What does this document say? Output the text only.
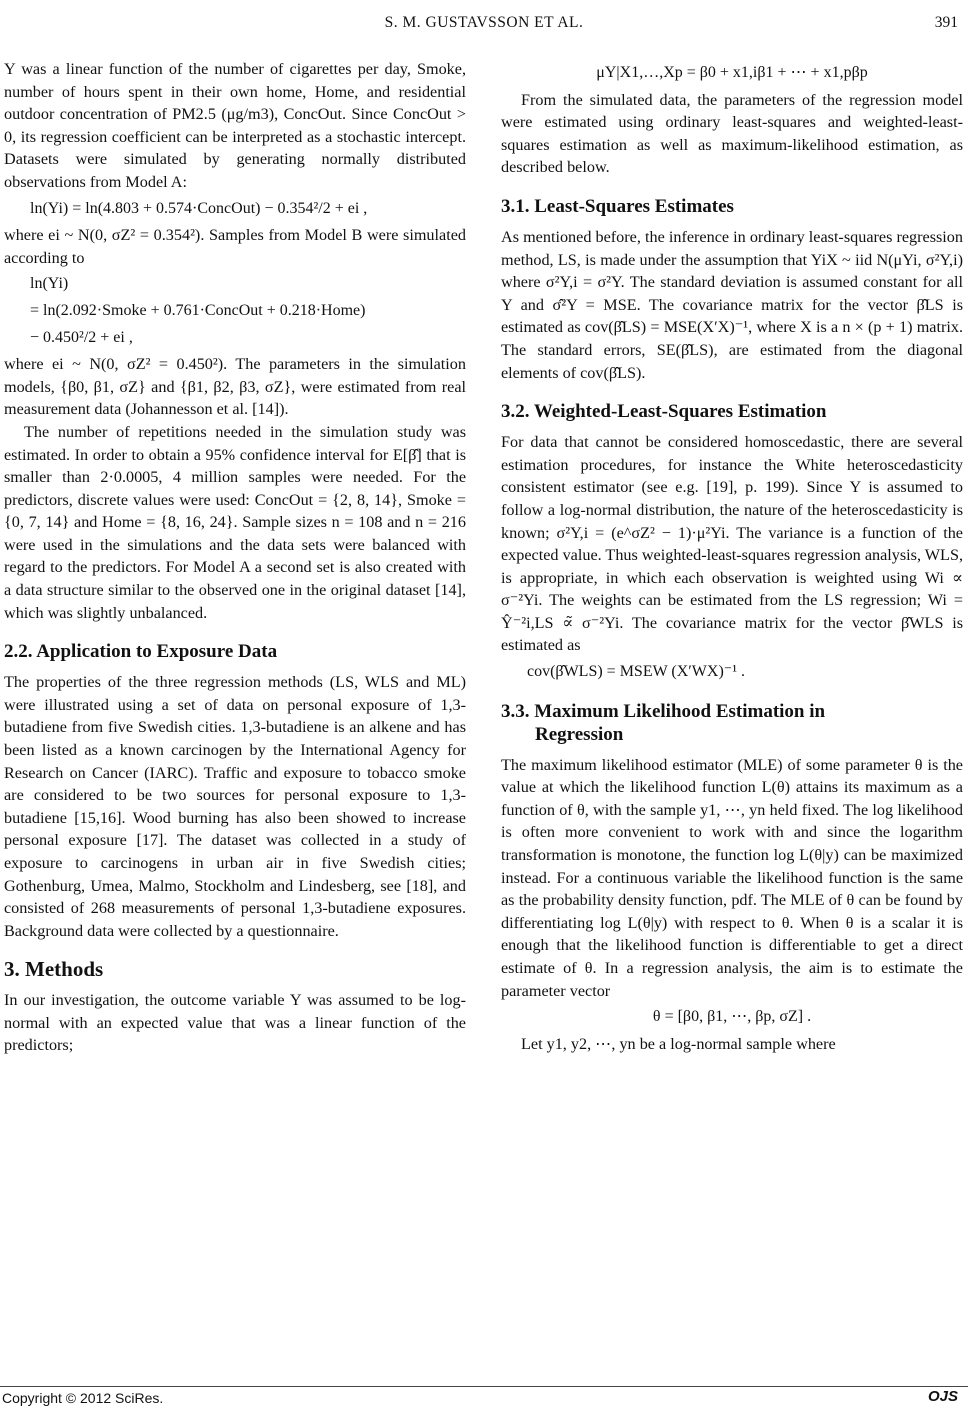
S. M. GUSTAVSSON ET AL.	391

Y was a linear function of the number of cigarettes per day, Smoke, number of hours spent in their own home, Home, and residential outdoor concentration of PM2.5 (μg/m3), ConcOut. Since ConcOut > 0, its regression coefficient can be interpreted as a stochastic intercept. Datasets were simulated by generating normally distributed observations from Model A:

ln(Yi) = ln(4.803 + 0.574·ConcOut) − 0.354²/2 + ei ,

where ei ~ N(0, σZ² = 0.354²). Samples from Model B were simulated according to

ln(Yi)
= ln(2.092·Smoke + 0.761·ConcOut + 0.218·Home)
− 0.450²/2 + ei ,

where ei ~ N(0, σZ² = 0.450²). The parameters in the simulation models, {β0, β1, σZ} and {β1, β2, β3, σZ}, were estimated from real measurement data (Johannesson et al. [14]).

The number of repetitions needed in the simulation study was estimated. In order to obtain a 95% confidence interval for E[β̂] that is smaller than 2·0.0005, 4 million samples were needed. For the predictors, discrete values were used: ConcOut = {2, 8, 14}, Smoke = {0, 7, 14} and Home = {8, 16, 24}. Sample sizes n = 108 and n = 216 were used in the simulations and the data sets were balanced with regard to the predictors. For Model A a second set is also created with a data structure similar to the observed one in the original dataset [14], which was slightly unbalanced.

2.2. Application to Exposure Data

The properties of the three regression methods (LS, WLS and ML) were illustrated using a set of data on personal exposure of 1,3-butadiene from five Swedish cities. 1,3-butadiene is an alkene and has been listed as a known carcinogen by the International Agency for Research on Cancer (IARC). Traffic and exposure to tobacco smoke are considered to be two sources for personal exposure to 1,3-butadiene [15,16]. Wood burning has also been showed to increase personal exposure [17]. The dataset was collected in a study of exposure to carcinogens in urban air in five Swedish cities; Gothenburg, Umea, Malmo, Stockholm and Lindesberg, see [18], and consisted of 268 measurements of personal 1,3-butadiene exposures. Background data were collected by a questionnaire.

3. Methods

In our investigation, the outcome variable Y was assumed to be log-normal with an expected value that was a linear function of the predictors;

μY|X1,…,Xp = β0 + x1,iβ1 + ⋯ + x1,pβp

From the simulated data, the parameters of the regression model were estimated using ordinary least-squares and weighted-least-squares estimation as well as maximum-likelihood estimation, as described below.

3.1. Least-Squares Estimates

As mentioned before, the inference in ordinary least-squares regression method, LS, is made under the assumption that YiX ~ iid N(μYi, σ²Y,i) where σ²Y,i = σ²Y. The standard deviation is assumed constant for all Y and σ̂²Y = MSE. The covariance matrix for the vector β̂LS is estimated as cov(β̂LS) = MSE(X′X)⁻¹, where X is a n × (p + 1) matrix. The standard errors, SE(β̂LS), are estimated from the diagonal elements of cov(β̂LS).

3.2. Weighted-Least-Squares Estimation

For data that cannot be considered homoscedastic, there are several estimation procedures, for instance the White heteroscedasticity consistent estimator (see e.g. [19], p. 199). Since Y is assumed to follow a log-normal distribution, the nature of the heteroscedasticity is known; σ²Y,i = (e^σZ² − 1)·μ²Yi. The variance is a function of the expected value. Thus weighted-least-squares regression analysis, WLS, is appropriate, in which each observation is weighted using Wi ∝ σ⁻²Yi. The weights can be estimated from the LS regression; Wi = Ŷ⁻²i,LS ∝̃ σ⁻²Yi. The covariance matrix for the vector β̂WLS is estimated as

cov(β̂WLS) = MSEW (X′WX)⁻¹ .
3.3. Maximum Likelihood Estimation in
Regression

The maximum likelihood estimator (MLE) of some parameter θ is the value at which the likelihood function L(θ) attains its maximum as a function of θ, with the sample y1, ⋯, yn held fixed. The log likelihood is often more convenient to work with and since the logarithm transformation is monotone, the function log L(θ|y) can be maximized instead. For a continuous variable the likelihood function is the same as the probability density function, pdf. The MLE of θ can be found by differentiating log L(θ|y) with respect to θ. When θ is a scalar it is enough that the likelihood function is differentiable to get a direct estimate of θ. In a regression analysis, the aim is to estimate the parameter vector

θ = [β0, β1, ⋯, βp, σZ] .

Let y1, y2, ⋯, yn be a log-normal sample where

Copyright © 2012 SciRes.	OJS
